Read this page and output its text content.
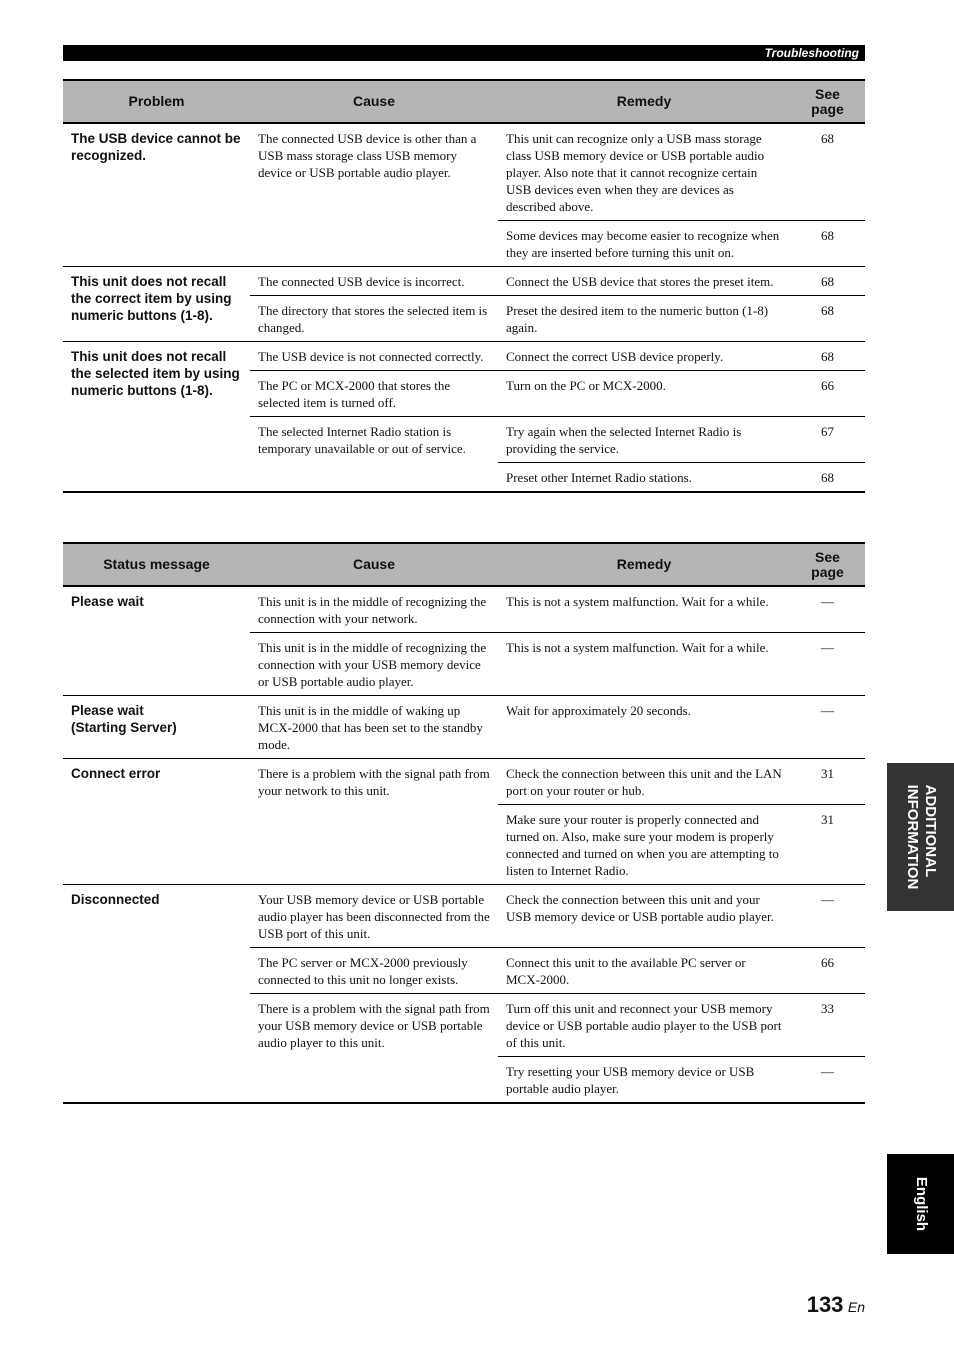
Troubleshooting
Problem	Cause	Remedy	See
page
The USB device cannot be recognized.	The connected USB device is other than a USB mass storage class USB memory device or USB portable audio player.	This unit can recognize only a USB mass storage class USB memory device or USB portable audio player. Also note that it cannot recognize certain USB devices even when they are devices as described above.	68
		Some devices may become easier to recognize when they are inserted before turning this unit on.	68
This unit does not recall the correct item by using numeric buttons (1-8).	The connected USB device is incorrect.	Connect the USB device that stores the preset item.	68
	The directory that stores the selected item is changed.	Preset the desired item to the numeric button (1-8) again.	68
This unit does not recall the selected item by using numeric buttons (1-8).	The USB device is not connected correctly.	Connect the correct USB device properly.	68
	The PC or MCX-2000 that stores the selected item is turned off.	Turn on the PC or MCX-2000.	66
	The selected Internet Radio station is temporary unavailable or out of service.	Try again when the selected Internet Radio is providing the service.	67
		Preset other Internet Radio stations.	68
Status message	Cause	Remedy	See
page
Please wait	This unit is in the middle of recognizing the connection with your network.	This is not a system malfunction. Wait for a while.	—
	This unit is in the middle of recognizing the connection with your USB memory device or USB portable audio player.	This is not a system malfunction. Wait for a while.	—
Please wait
(Starting Server)	This unit is in the middle of waking up MCX-2000 that has been set to the standby mode.	Wait for approximately 20 seconds.	—
Connect error	There is a problem with the signal path from your network to this unit.	Check the connection between this unit and the LAN port on your router or hub.	31
		Make sure your router is properly connected and turned on. Also, make sure your modem is properly connected and turned on when you are attempting to listen to Internet Radio.	31
Disconnected	Your USB memory device or USB portable audio player has been disconnected from the USB port of this unit.	Check the connection between this unit and your USB memory device or USB portable audio player.	—
	The PC server or MCX-2000 previously connected to this unit no longer exists.	Connect this unit to the available PC server or MCX-2000.	66
	There is a problem with the signal path from your USB memory device or USB portable audio player to this unit.	Turn off this unit and reconnect your USB memory device or USB portable audio player to the USB port of this unit.	33
		Try resetting your USB memory device or USB portable audio player.	—
ADDITIONAL
INFORMATION
English
133 En
